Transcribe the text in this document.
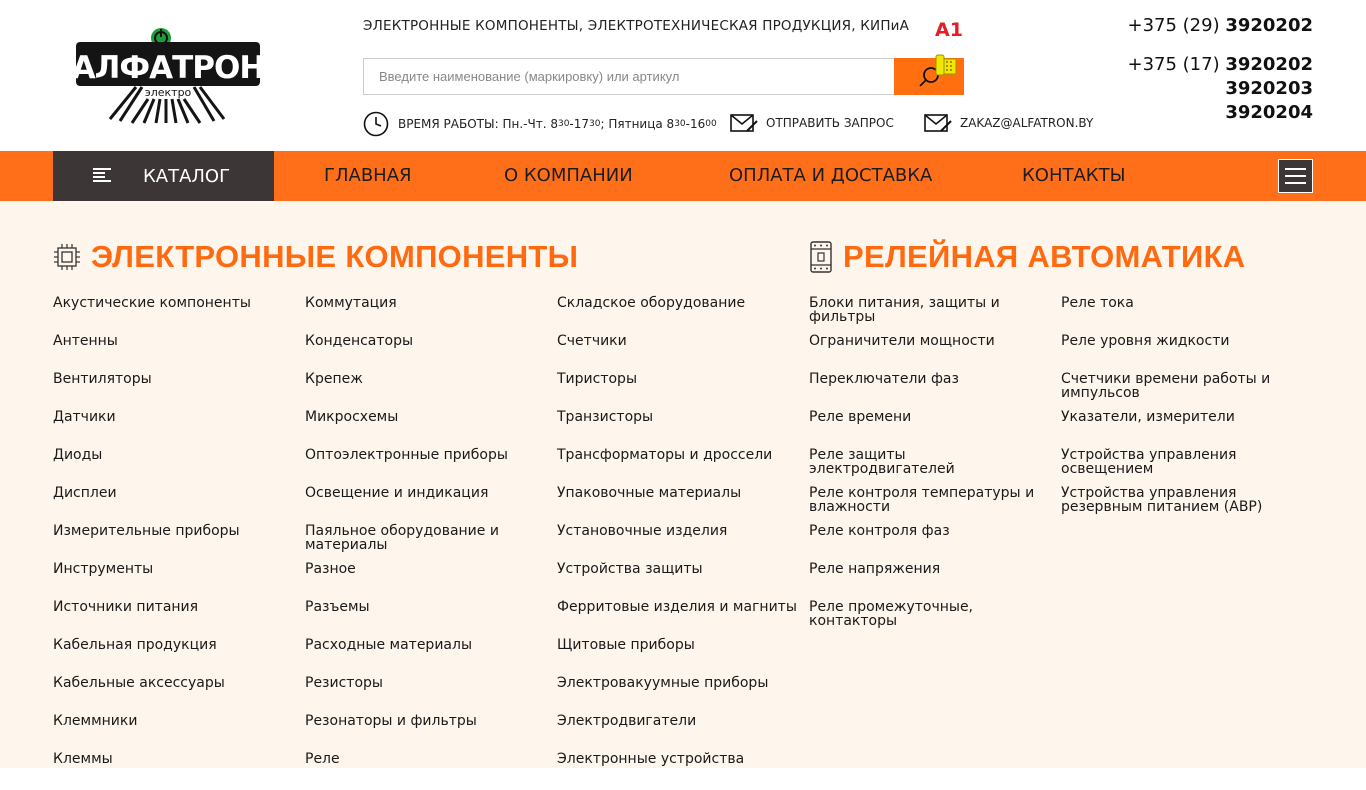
АЛФАТРОН
электро
ЭЛЕКТРОННЫЕ КОМПОНЕНТЫ, ЭЛЕКТРОТЕХНИЧЕСКАЯ ПРОДУКЦИЯ, КИПиА
Введите наименование (маркировку) или артикул
ВРЕМЯ РАБОТЫ:
Пн.-Чт. 8 30 -17 30 ; Пятница 8 30 -16 00	ОТПРАВИТЬ ЗАПРОС	ZAKAZ@ALFATRON.BY
A1	+375 (29) 3920202
+375 (17) 3920202
3920203
3920204
КАТАЛОГ	ГЛАВНАЯ	О КОМПАНИИ	ОПЛАТА И ДОСТАВКА	КОНТАКТЫ
ЭЛЕКТРОННЫЕ КОМПОНЕНТЫ	РЕЛЕЙНАЯ АВТОМАТИКА
Акустические компоненты
Антенны
Вентиляторы
Датчики
Диоды
Дисплеи
Измерительные приборы
Инструменты
Источники питания
Кабельная продукция
Кабельные аксессуары
Клеммники
Клеммы
Коммутация
Конденсаторы
Крепеж
Микросхемы
Оптоэлектронные приборы
Освещение и индикация
Паяльное оборудование и материалы
Разное
Разъемы
Расходные материалы
Резисторы
Резонаторы и фильтры
Реле
Складское оборудование
Счетчики
Тиристоры
Транзисторы
Трансформаторы и дроссели
Упаковочные материалы
Установочные изделия
Устройства защиты
Ферритовые изделия и магниты
Щитовые приборы
Электровакуумные приборы
Электродвигатели
Электронные устройства
Блоки питания, защиты и фильтры
Ограничители мощности
Переключатели фаз
Реле времени
Реле защиты электродвигателей
Реле контроля температуры и влажности
Реле контроля фаз
Реле напряжения
Реле промежуточные, контакторы
Реле тока
Реле уровня жидкости
Счетчики времени работы и импульсов
Указатели, измерители
Устройства управления освещением
Устройства управления резервным питанием (АВР)
